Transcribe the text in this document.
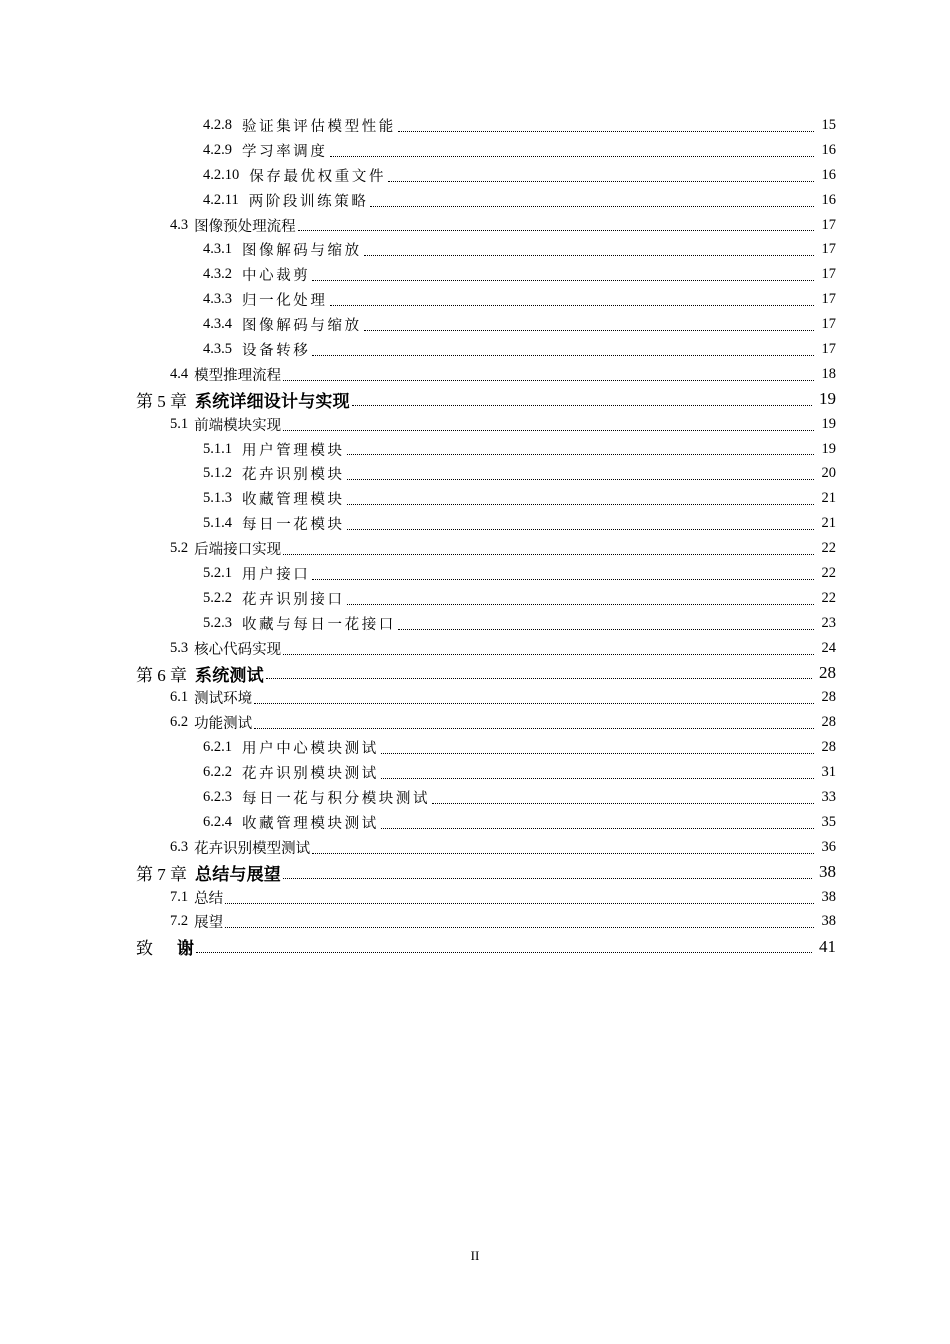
4.2.8 验证集评估模型性能	15
4.2.9 学习率调度	16
4.2.10 保存最优权重文件	16
4.2.11 两阶段训练策略	16
4.3 图像预处理流程	17
4.3.1 图像解码与缩放	17
4.3.2 中心裁剪	17
4.3.3 归一化处理	17
4.3.4 图像解码与缩放	17
4.3.5 设备转移	17
4.4 模型推理流程	18
第 5 章 系统详细设计与实现	19
5.1 前端模块实现	19
5.1.1 用户管理模块	19
5.1.2 花卉识别模块	20
5.1.3 收藏管理模块	21
5.1.4 每日一花模块	21
5.2 后端接口实现	22
5.2.1 用户接口	22
5.2.2 花卉识别接口	22
5.2.3 收藏与每日一花接口	23
5.3 核心代码实现	24
第 6 章 系统测试	28
6.1 测试环境	28
6.2 功能测试	28
6.2.1 用户中心模块测试	28
6.2.2 花卉识别模块测试	31
6.2.3 每日一花与积分模块测试	33
6.2.4 收藏管理模块测试	35
6.3 花卉识别模型测试	36
第 7 章 总结与展望	38
7.1 总结	38
7.2 展望	38
致 谢	41
II
